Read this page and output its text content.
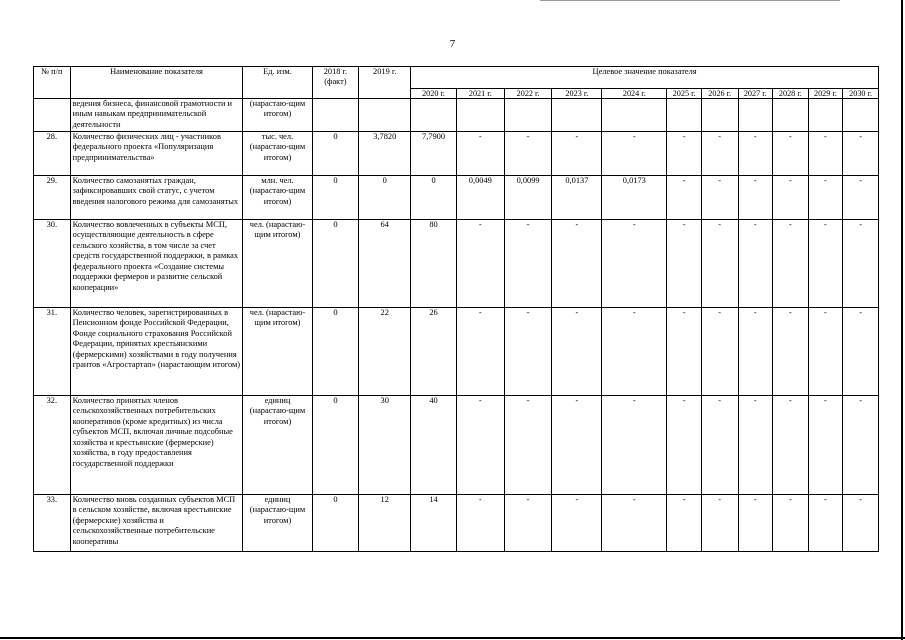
7
№ п/п	Наименование показателя	Ед. изм.	2018 г. (факт)	2019 г.	Целевое значение показателя										
					2020 г.	2021 г.	2022 г.	2023 г.	2024 г.	2025 г.	2026 г.	2027 г.	2028 г.	2029 г.	2030 г.
	ведения бизнеса, финансовой грамотности и иным навыкам предпринимательской деятельности	(нарастаю-щим итогом)													
28.	Количество физических лиц - участников федерального проекта «Популяризация предпринимательства»	тыс. чел. (нарастаю-щим итогом)	0	3,7820	7,7900	-	-	-	-	-	-	-	-	-	-
29.	Количество самозанятых граждан, зафиксировавших свой статус, с учетом введения налогового режима для самозанятых	млн. чел. (нарастаю-щим итогом)	0	0	0	0,0049	0,0099	0,0137	0,0173	-	-	-	-	-	-
30.	Количество вовлеченных в субъекты МСП, осуществляющие деятельность в сфере сельского хозяйства, в том числе за счет средств государственной поддержки, в рамках федерального проекта «Создание системы поддержки фермеров и развитие сельской кооперации»	чел. (нарастаю-щим итогом)	0	64	80	-	-	-	-	-	-	-	-	-	-
31.	Количество человек, зарегистрированных в Пенсионном фонде Российской Федерации, Фонде социального страхования Российской Федерации, принятых крестьянскими (фермерскими) хозяйствами в году получения грантов «Агростартап» (нарастающим итогом)	чел. (нарастаю-щим итогом)	0	22	26	-	-	-	-	-	-	-	-	-	-
32.	Количество принятых членов сельскохозяйственных потребительских кооперативов (кроме кредитных) из числа субъектов МСП, включая личные подсобные хозяйства и крестьянские (фермерские) хозяйства, в году предоставления государственной поддержки	единиц (нарастаю-щим итогом)	0	30	40	-	-	-	-	-	-	-	-	-	-
33.	Количество вновь созданных субъектов МСП в сельском хозяйстве, включая крестьянские (фермерские) хозяйства и сельскохозяйственные потребительские кооперативы	единиц (нарастаю-щим итогом)	0	12	14	-	-	-	-	-	-	-	-	-	-
